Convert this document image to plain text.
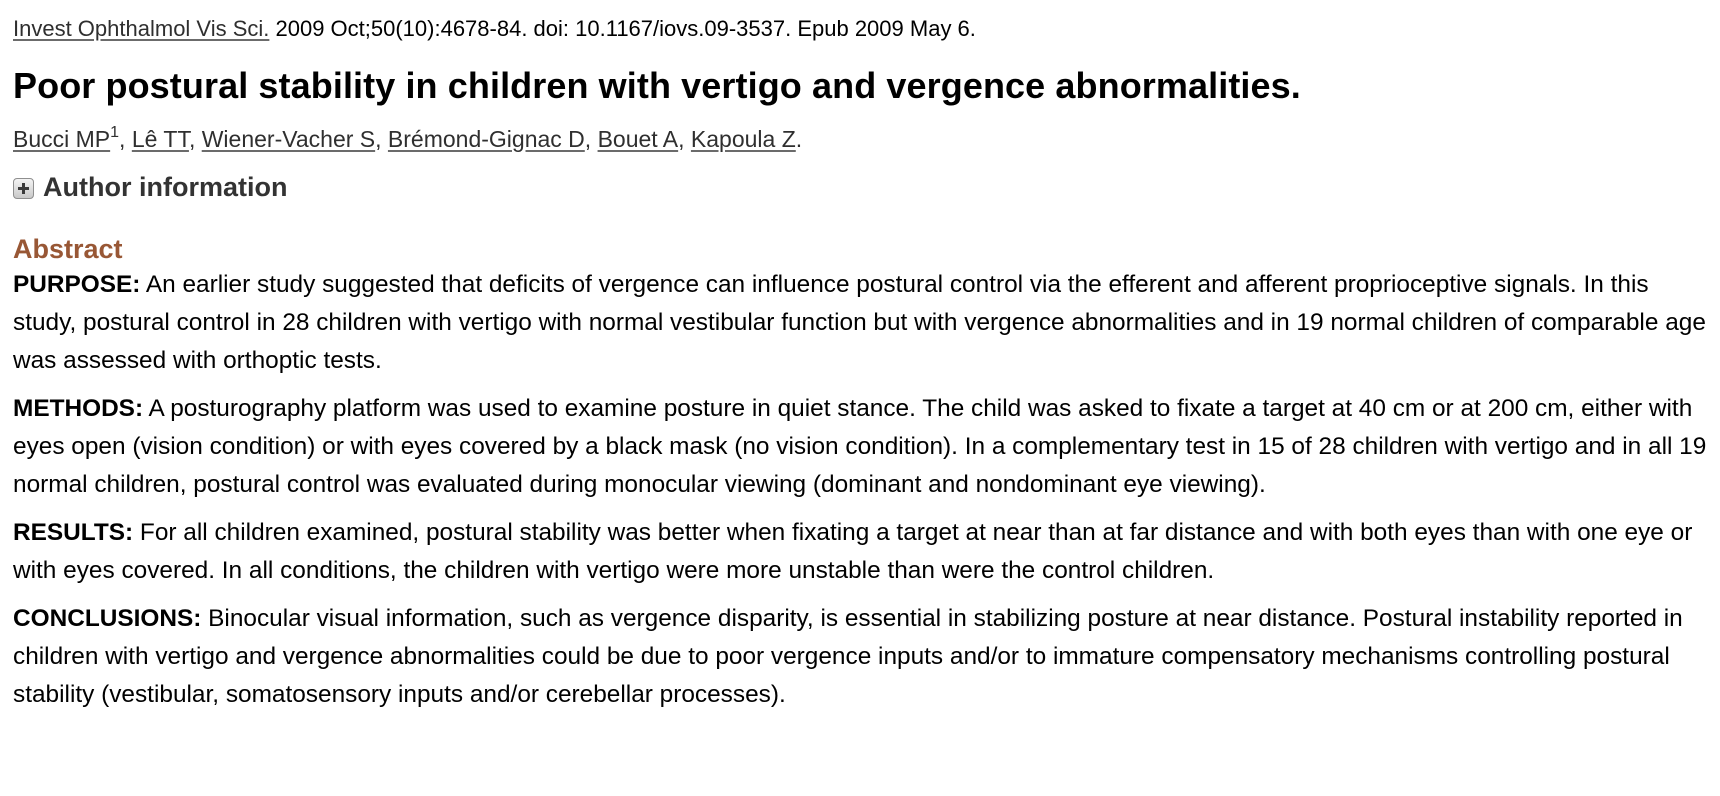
Invest Ophthalmol Vis Sci. 2009 Oct;50(10):4678-84. doi: 10.1167/iovs.09-3537. Epub 2009 May 6.
Poor postural stability in children with vertigo and vergence abnormalities.
Bucci $MP^1$, Lê TT, Wiener-Vacher S, Brémond-Gignac D, Bouet A, Kapoula Z.
Author information
Abstract

PURPOSE: An earlier study suggested that deficits of vergence can influence postural control via the efferent and afferent proprioceptive signals. In this study, postural control in 28 children with vertigo with normal vestibular function but with vergence abnormalities and in 19 normal children of comparable age was assessed with orthoptic tests.

METHODS: A posturography platform was used to examine posture in quiet stance. The child was asked to fixate a target at 40 cm or at 200 cm, either with eyes open (vision condition) or with eyes covered by a black mask (no vision condition). In a complementary test in 15 of 28 children with vertigo and in all 19 normal children, postural control was evaluated during monocular viewing (dominant and nondominant eye viewing).

RESULTS: For all children examined, postural stability was better when fixating a target at near than at far distance and with both eyes than with one eye or with eyes covered. In all conditions, the children with vertigo were more unstable than were the control children.

CONCLUSIONS: Binocular visual information, such as vergence disparity, is essential in stabilizing posture at near distance. Postural instability reported in children with vertigo and vergence abnormalities could be due to poor vergence inputs and/or to immature compensatory mechanisms controlling postural stability (vestibular, somatosensory inputs and/or cerebellar processes).
